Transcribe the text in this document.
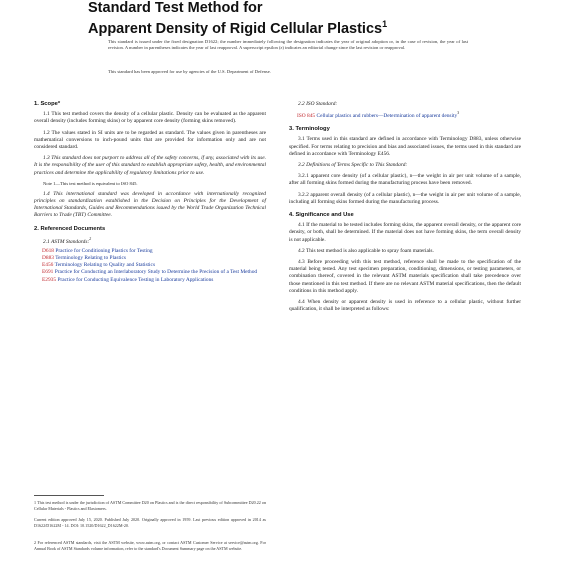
Standard Test Method for
Apparent Density of Rigid Cellular Plastics$^1$
This standard is issued under the fixed designation D1622; the number immediately following the designation indicates the year of original adoption or, in the case of revision, the year of last revision. A number in parentheses indicates the year of last reapproval. A superscript epsilon (ε) indicates an editorial change since the last revision or reapproval.
This standard has been approved for use by agencies of the U.S. Department of Defense.
1. Scope*
1.1 This test method covers the density of a cellular plastic. Density can be evaluated as the apparent overall density (includes forming skins) or by apparent core density (forming skins removed).
1.2 The values stated in SI units are to be regarded as standard. The values given in parentheses are mathematical conversions to inch-pound units that are provided for information only and are not considered standard.
1.3 This standard does not purport to address all of the safety concerns, if any, associated with its use. It is the responsibility of the user of this standard to establish appropriate safety, health, and environmental practices and determine the applicability of regulatory limitations prior to use.
Note 1—This test method is equivalent to ISO 845.
1.4 This international standard was developed in accordance with internationally recognized principles on standardization established in the Decision on Principles for the Development of International Standards, Guides and Recommendations issued by the World Trade Organization Technical Barriers to Trade (TBT) Committee.
2. Referenced Documents
2.1 ASTM Standards:$^2$
D618 Practice for Conditioning Plastics for Testing
D883 Terminology Relating to Plastics
E456 Terminology Relating to Quality and Statistics
E691 Practice for Conducting an Interlaboratory Study to Determine the Precision of a Test Method
E2935 Practice for Conducting Equivalence Testing in Laboratory Applications
1 This test method is under the jurisdiction of ASTM Committee D20 on Plastics and is the direct responsibility of Subcommittee D20.22 on Cellular Materials - Plastics and Elastomers.
Current edition approved July 15, 2020. Published July 2020. Originally approved in 1959. Last previous edition approved in 2014 as D1622/D1622M - 14. DOI: 10.1520/D1622_D1622M-20.
2 For referenced ASTM standards, visit the ASTM website, www.astm.org, or contact ASTM Customer Service at service@astm.org. For Annual Book of ASTM Standards volume information, refer to the standard's Document Summary page on the ASTM website.
2.2 ISO Standard:
ISO 845 Cellular plastics and rubbers—Determination of apparent density$^3$
3. Terminology
3.1 Terms used in this standard are defined in accordance with Terminology D883, unless otherwise specified. For terms relating to precision and bias and associated issues, the terms used in this standard are defined in accordance with Terminology E456.
3.2 Definitions of Terms Specific to This Standard:
3.2.1 apparent core density (of a cellular plastic), n—the weight in air per unit volume of a sample, after all forming skins formed during the manufacturing process have been removed.
3.2.2 apparent overall density (of a cellular plastic), n—the weight in air per unit volume of a sample, including all forming skins formed during the manufacturing process.
4. Significance and Use
4.1 If the material to be tested includes forming skins, the apparent overall density, or the apparent core density, or both, shall be determined. If the material does not have forming skins, the term overall density is not applicable.
4.2 This test method is also applicable to spray foam materials.
4.3 Before proceeding with this test method, reference shall be made to the specification of the material being tested. Any test specimen preparation, conditioning, dimensions, or testing parameters, or combination thereof, covered in the relevant ASTM materials specification shall take precedence over those mentioned in this test method. If there are no relevant ASTM material specifications, then the default conditions in this method apply.
4.4 When density or apparent density is used in reference to a cellular plastic, without further qualification, it shall be interpreted as follows:
